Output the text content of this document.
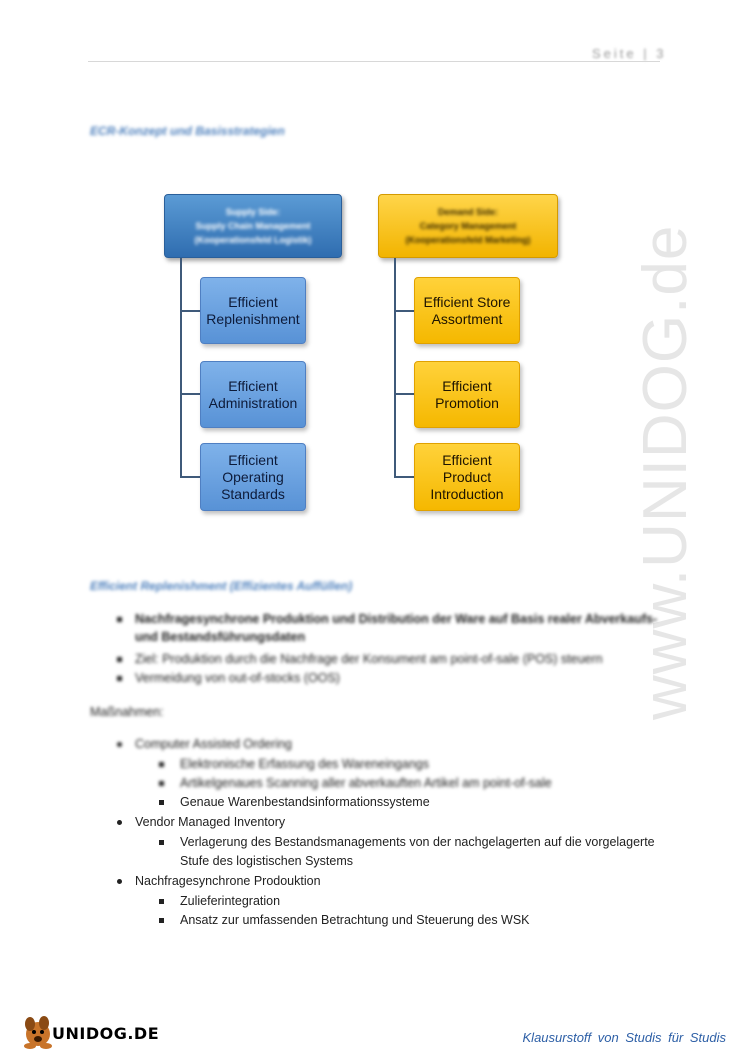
Seite | 3
www.UNIDOG.de
ECR-Konzept und Basisstrategien
Supply Side:
Supply Chain Management
(Kooperationsfeld Logistik)
Demand Side:
Category Management
(Kooperationsfeld Marketing)
Efficient
Replenishment
Efficient
Administration
Efficient
Operating
Standards
Efficient Store
Assortment
Efficient
Promotion
Efficient
Product
Introduction
Efficient Replenishment (Effizientes Auffüllen)
Nachfragesynchrone Produktion und Distribution der Ware auf Basis realer Abverkaufs-
und Bestandsführungsdaten
Ziel: Produktion durch die Nachfrage der Konsument am point-of-sale (POS) steuern
Vermeidung von out-of-stocks (OOS)
Maßnahmen:
Computer Assisted Ordering
Elektronische Erfassung des Wareneingangs
Artikelgenaues Scanning aller abverkauften Artikel am point-of-sale
Genaue Warenbestandsinformationssysteme
Vendor Managed Inventory
Verlagerung des Bestandsmanagements von der nachgelagerten auf die vorgelagerte
Stufe des logistischen Systems
Nachfragesynchrone Prodouktion
Zulieferintegration
Ansatz zur umfassenden Betrachtung und Steuerung des WSK
UNIDOG.DE	Klausurstoff von Studis für Studis
